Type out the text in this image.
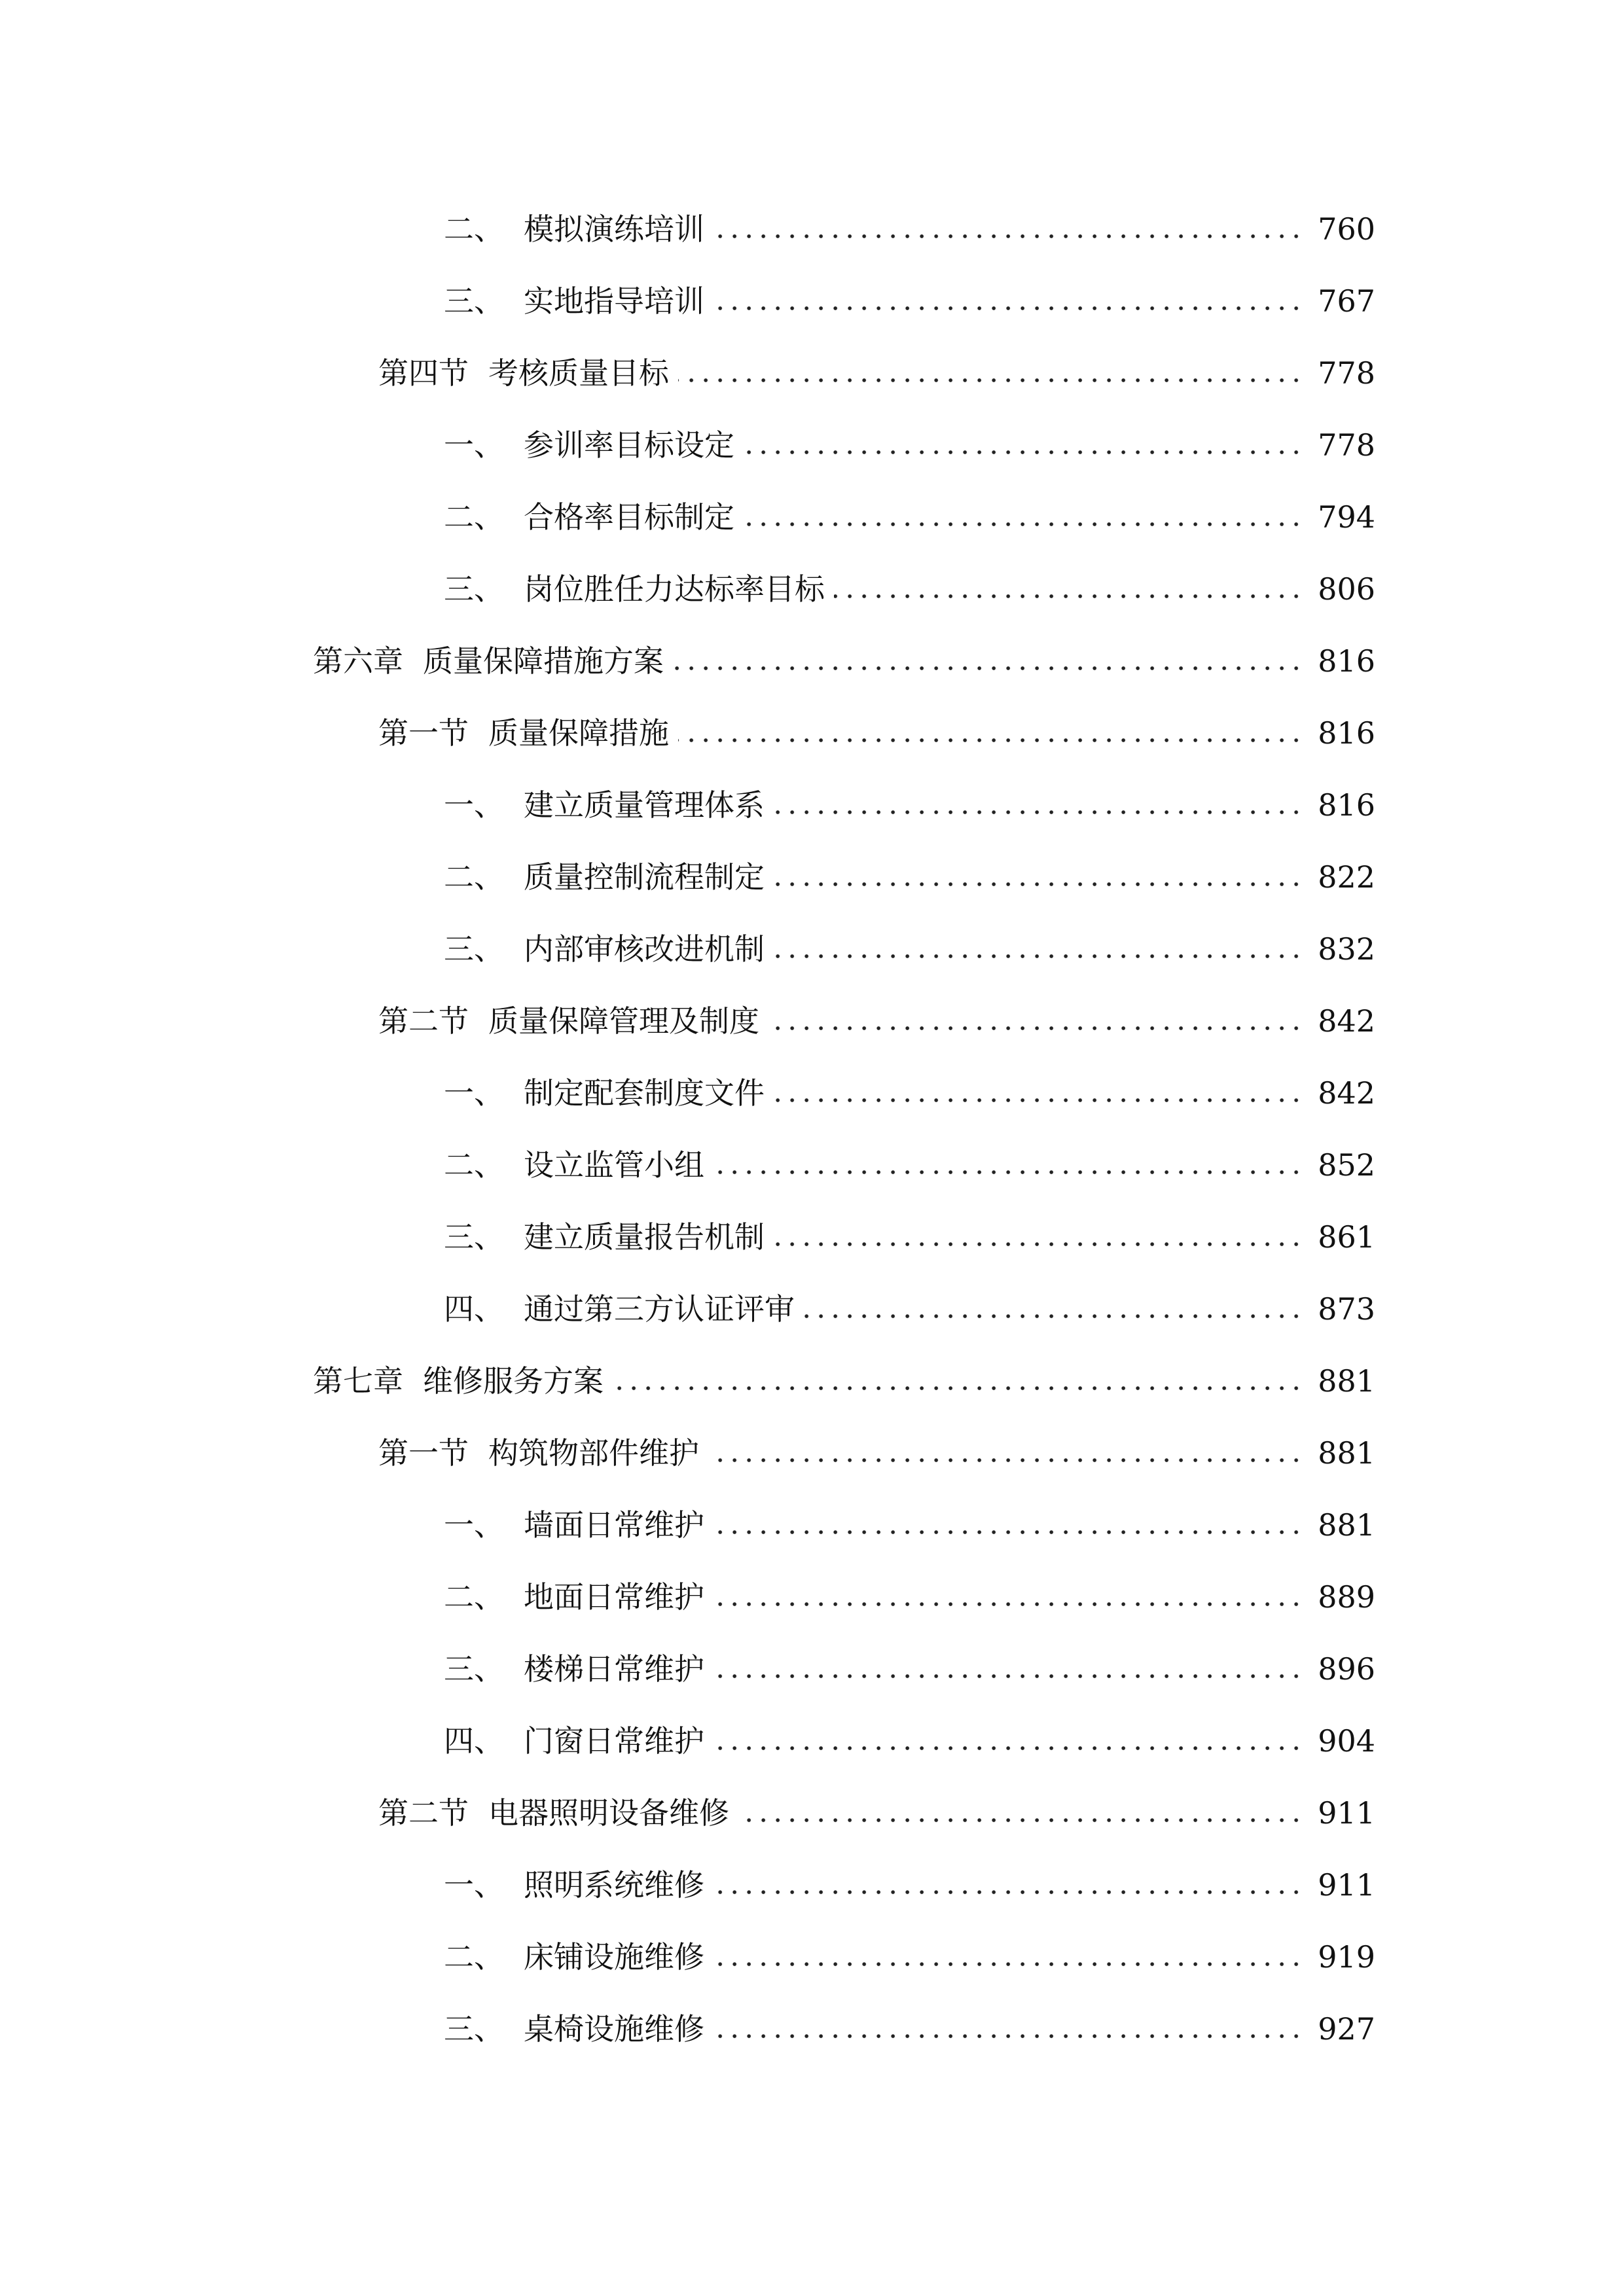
二、 模拟演练培训	760
三、 实地指导培训	767
第四节 考核质量目标	778
一、 参训率目标设定	778
二、 合格率目标制定	794
三、 岗位胜任力达标率目标	806
第六章 质量保障措施方案	816
第一节 质量保障措施	816
一、 建立质量管理体系	816
二、 质量控制流程制定	822
三、 内部审核改进机制	832
第二节 质量保障管理及制度	842
一、 制定配套制度文件	842
二、 设立监管小组	852
三、 建立质量报告机制	861
四、 通过第三方认证评审	873
第七章 维修服务方案	881
第一节 构筑物部件维护	881
一、 墙面日常维护	881
二、 地面日常维护	889
三、 楼梯日常维护	896
四、 门窗日常维护	904
第二节 电器照明设备维修	911
一、 照明系统维修	911
二、 床铺设施维修	919
三、 桌椅设施维修	927
